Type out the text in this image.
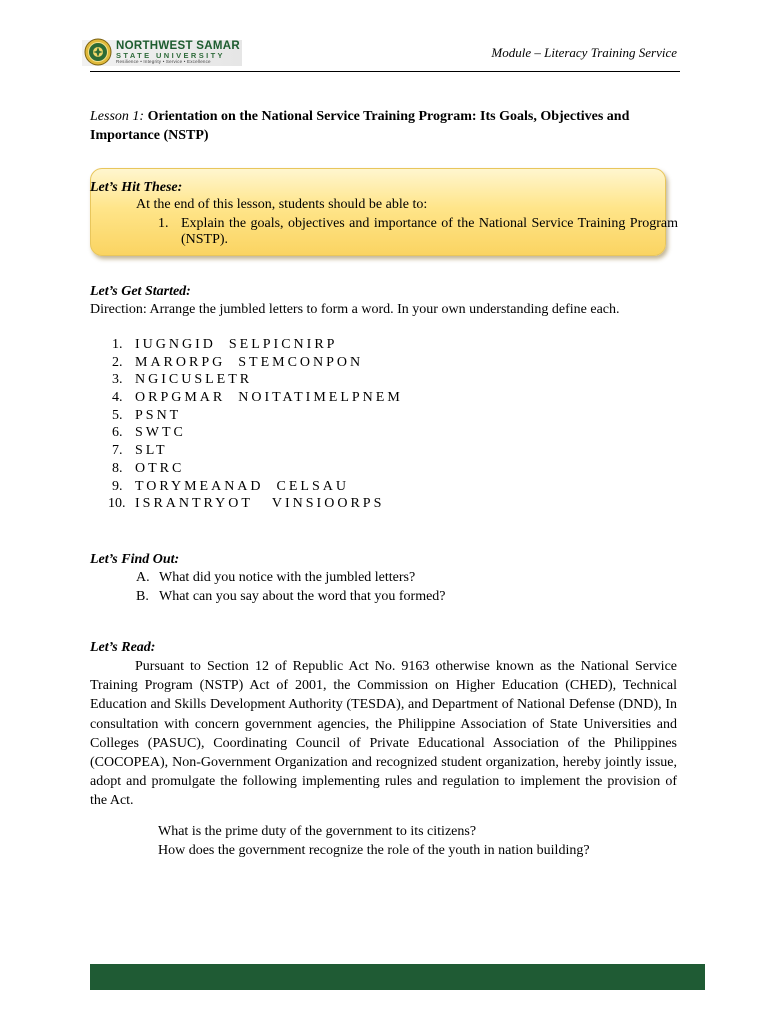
NORTHWEST SAMAR
STATE UNIVERSITY
Resilience • Integrity • Service • Excellence
Module – Literacy Training Service
Lesson 1: Orientation on the National Service Training Program: Its Goals, Objectives and Importance (NSTP)
Let’s Hit These:
At the end of this lesson, students should be able to:
1. Explain the goals, objectives and importance of the National Service Training Program (NSTP).
Let’s Get Started:
Direction: Arrange the jumbled letters to form a word. In your own understanding define each.
1. IUGNGID  SELPICNIRP
2. MARORPG  STEMCONPON
3. NGICUSLETR
4. ORPGMAR  NOITATIMELPNEM
5. PSNT
6. SWTC
7. SLT
8. OTRC
9. TORYMEANAD  CELSAU
10. ISRANTRYOT   VINSIOORPS
Let’s Find Out:
A. What did you notice with the jumbled letters?
B. What can you say about the word that you formed?
Let’s Read:
Pursuant to Section 12 of Republic Act No. 9163 otherwise known as the National Service Training Program (NSTP) Act of 2001, the Commission on Higher Education (CHED), Technical Education and Skills Development Authority (TESDA), and Department of National Defense (DND), In consultation with concern government agencies, the Philippine Association of State Universities and Colleges (PASUC), Coordinating Council of Private Educational Association of the Philippines (COCOPEA), Non-Government Organization and recognized student organization, hereby jointly issue, adopt and promulgate the following implementing rules and regulation to implement the provision of the Act.
What is the prime duty of the government to its citizens?
How does the government recognize the role of the youth in nation building?
